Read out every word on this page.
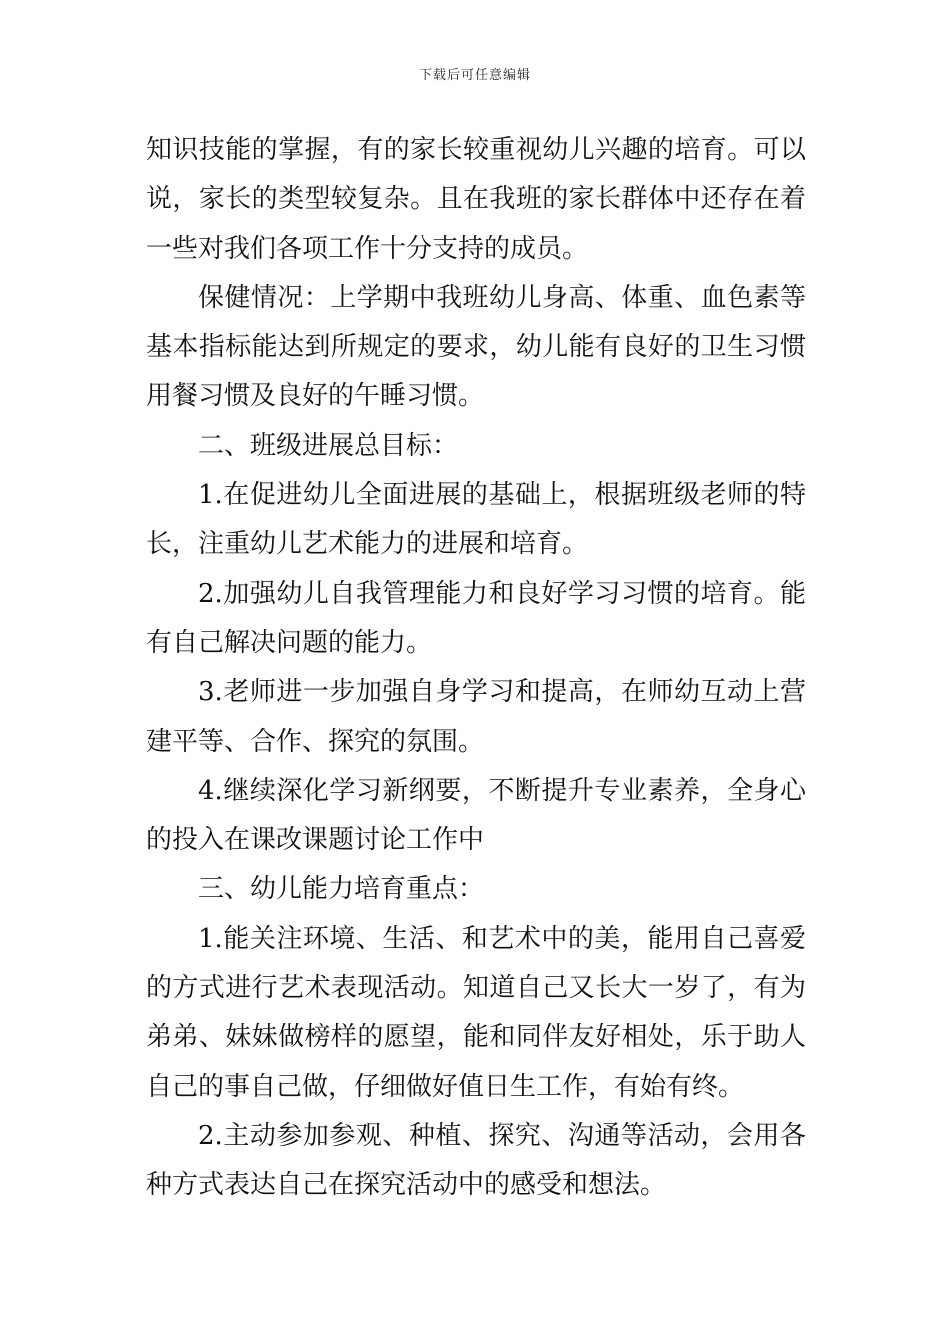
下载后可任意编辑

知识技能的掌握，有的家长较重视幼儿兴趣的培育。可以说，家长的类型较复杂。且在我班的家长群体中还存在着一些对我们各项工作十分支持的成员。

保健情况：上学期中我班幼儿身高、体重、血色素等基本指标能达到所规定的要求，幼儿能有良好的卫生习惯用餐习惯及良好的午睡习惯。

二、班级进展总目标：

1.在促进幼儿全面进展的基础上，根据班级老师的特长，注重幼儿艺术能力的进展和培育。

2.加强幼儿自我管理能力和良好学习习惯的培育。能有自己解决问题的能力。

3.老师进一步加强自身学习和提高，在师幼互动上营建平等、合作、探究的氛围。

4.继续深化学习新纲要，不断提升专业素养，全身心的投入在课改课题讨论工作中

三、幼儿能力培育重点：

1.能关注环境、生活、和艺术中的美，能用自己喜爱的方式进行艺术表现活动。知道自己又长大一岁了，有为弟弟、妹妹做榜样的愿望，能和同伴友好相处，乐于助人自己的事自己做，仔细做好值日生工作，有始有终。

2.主动参加参观、种植、探究、沟通等活动，会用各种方式表达自己在探究活动中的感受和想法。
